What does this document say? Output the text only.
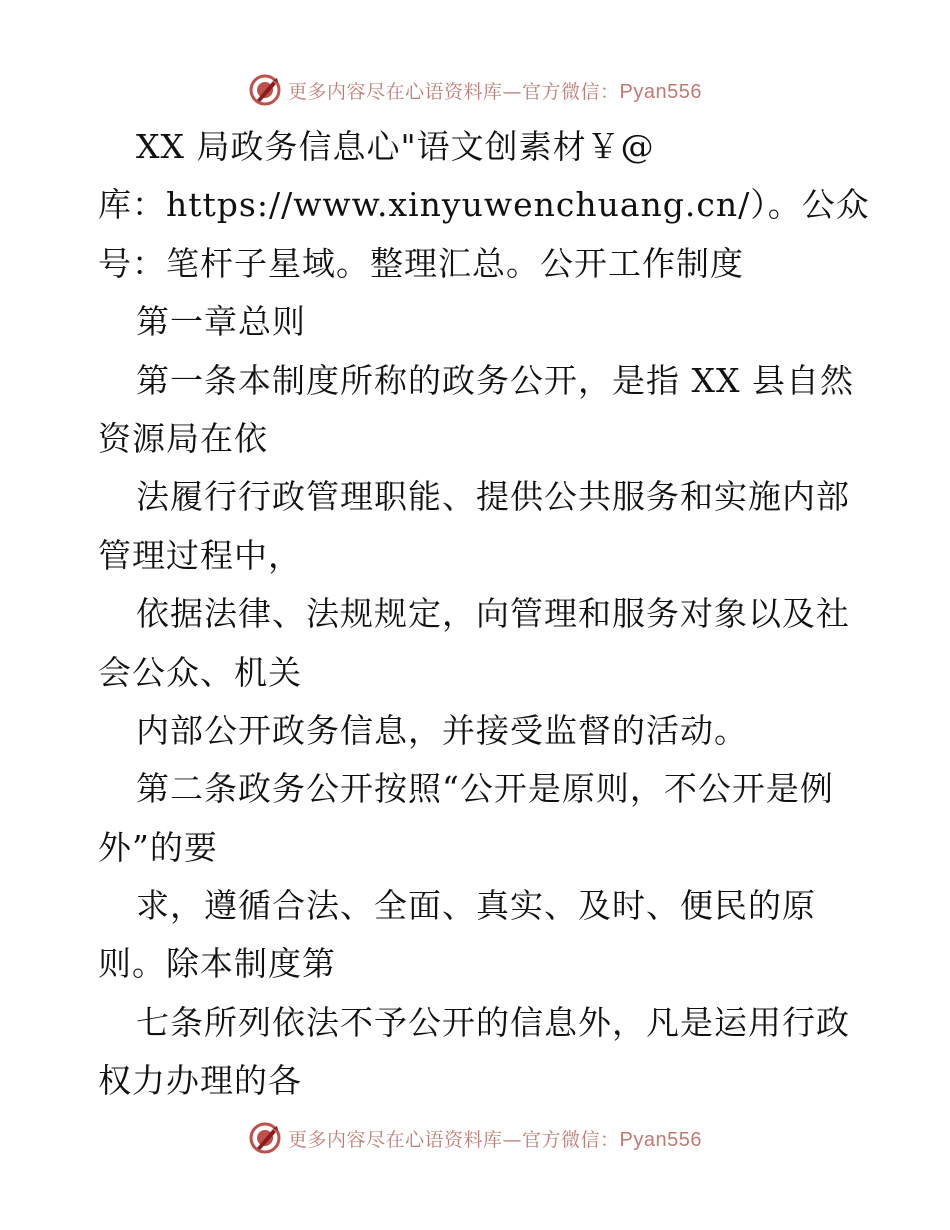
更多内容尽在心语资料库—官方微信：Pyan556
XX 局政务信息心"语文创素材￥@
库：https://www.xinyuwenchuang.cn/）。公众
号：笔杆子星域。整理汇总。公开工作制度
第一章总则
第一条本制度所称的政务公开，是指 XX 县自然
资源局在依
法履行行政管理职能、提供公共服务和实施内部
管理过程中，
依据法律、法规规定，向管理和服务对象以及社
会公众、机关
内部公开政务信息，并接受监督的活动。
第二条政务公开按照“公开是原则，不公开是例
外”的要
求，遵循合法、全面、真实、及时、便民的原
则。除本制度第
七条所列依法不予公开的信息外，凡是运用行政
权力办理的各
更多内容尽在心语资料库—官方微信：Pyan556
